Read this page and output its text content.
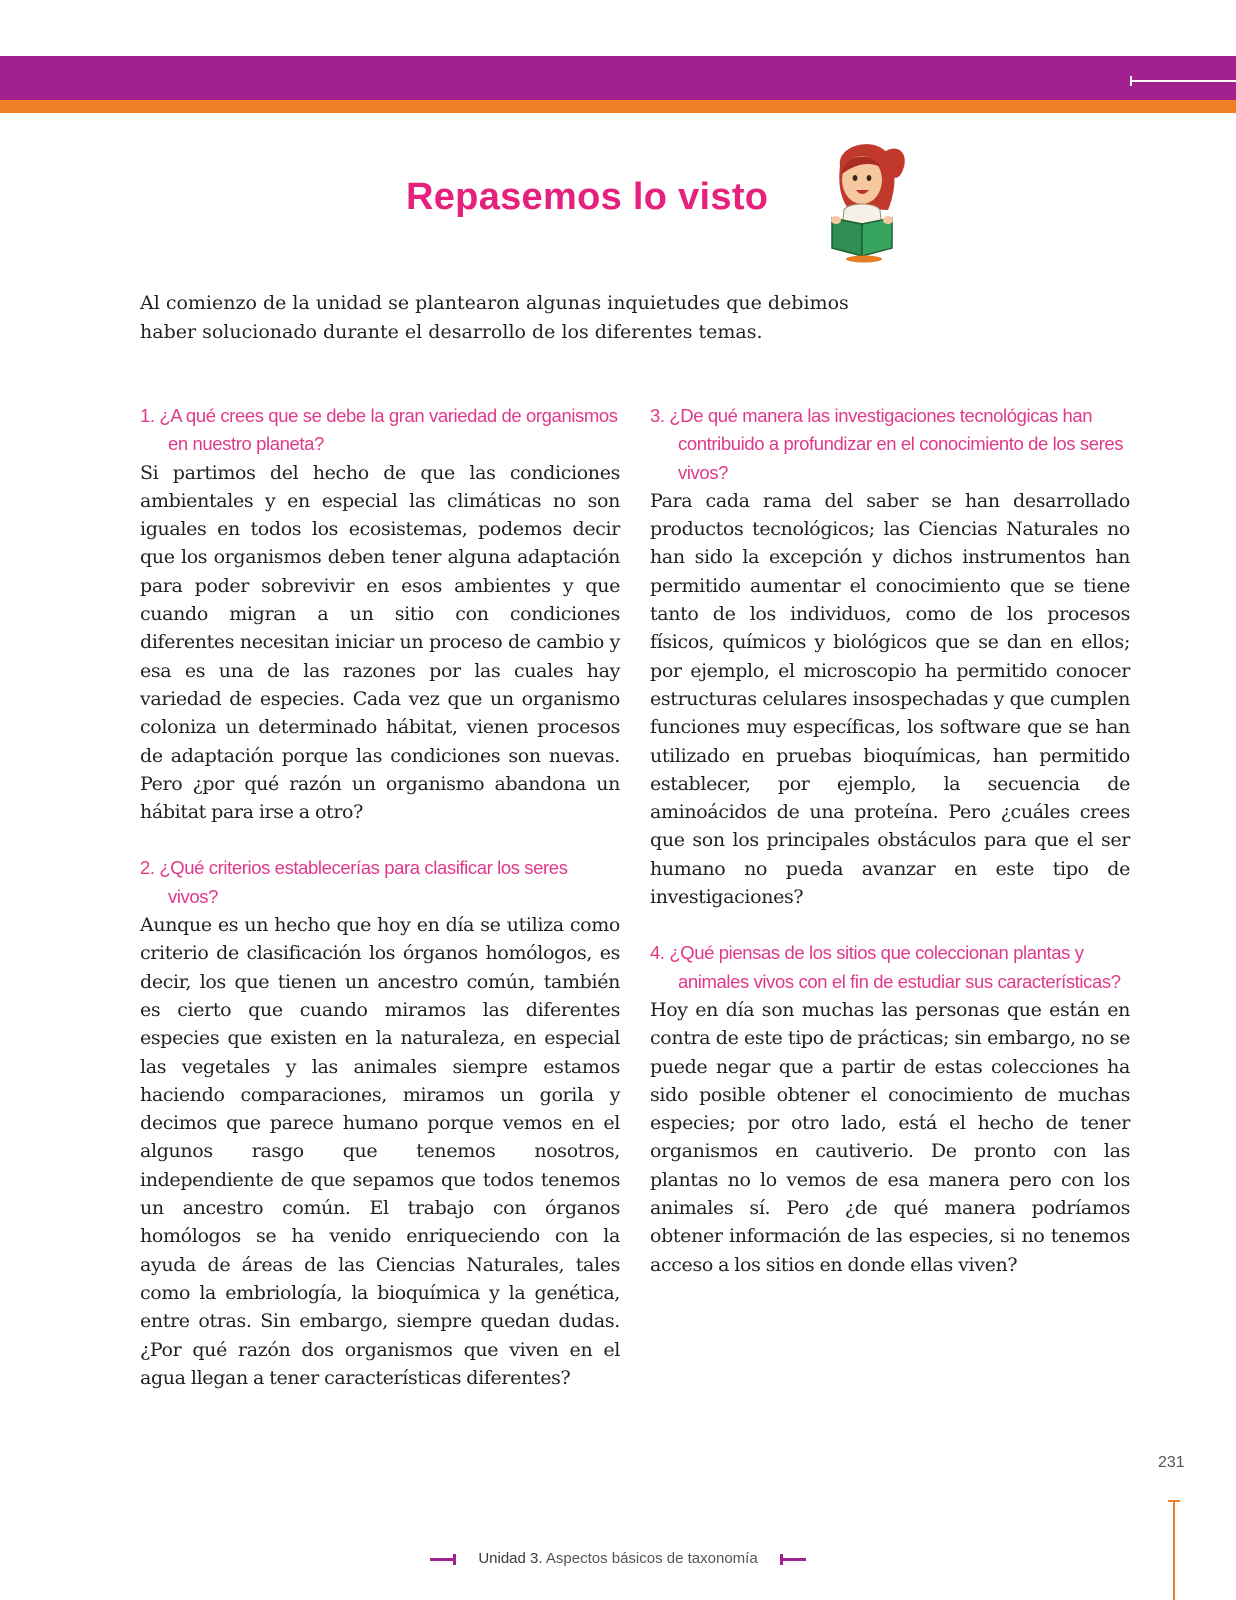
Repasemos lo visto

Al comienzo de la unidad se plantearon algunas inquietudes que debimos haber solucionado durante el desarrollo de los diferentes temas.

1. ¿A qué crees que se debe la gran variedad de organismos en nuestro planeta?

Si partimos del hecho de que las condiciones ambientales y en especial las climáticas no son iguales en todos los ecosistemas, podemos decir que los organismos deben tener alguna adaptación para poder sobrevivir en esos ambientes y que cuando migran a un sitio con condiciones diferentes necesitan iniciar un proceso de cambio y esa es una de las razones por las cuales hay variedad de especies. Cada vez que un organismo coloniza un determinado hábitat, vienen procesos de adaptación porque las condiciones son nuevas. Pero ¿por qué razón un organismo abandona un hábitat para irse a otro?

2. ¿Qué criterios establecerías para clasificar los seres vivos?

Aunque es un hecho que hoy en día se utiliza como criterio de clasificación los órganos homólogos, es decir, los que tienen un ancestro común, también es cierto que cuando miramos las diferentes especies que existen en la naturaleza, en especial las vegetales y las animales siempre estamos haciendo comparaciones, miramos un gorila y decimos que parece humano porque vemos en el algunos rasgo que tenemos nosotros, independiente de que sepamos que todos tenemos un ancestro común. El trabajo con órganos homólogos se ha venido enriqueciendo con la ayuda de áreas de las Ciencias Naturales, tales como la embriología, la bioquímica y la genética, entre otras. Sin embargo, siempre quedan dudas. ¿Por qué razón dos organismos que viven en el agua llegan a tener características diferentes?

3. ¿De qué manera las investigaciones tecnológicas han contribuido a profundizar en el conocimiento de los seres vivos?

Para cada rama del saber se han desarrollado productos tecnológicos; las Ciencias Naturales no han sido la excepción y dichos instrumentos han permitido aumentar el conocimiento que se tiene tanto de los individuos, como de los procesos físicos, químicos y biológicos que se dan en ellos; por ejemplo, el microscopio ha permitido conocer estructuras celulares insospechadas y que cumplen funciones muy específicas, los software que se han utilizado en pruebas bioquímicas, han permitido establecer, por ejemplo, la secuencia de aminoácidos de una proteína. Pero ¿cuáles crees que son los principales obstáculos para que el ser humano no pueda avanzar en este tipo de investigaciones?

4. ¿Qué piensas de los sitios que coleccionan plantas y animales vivos con el fin de estudiar sus características?

Hoy en día son muchas las personas que están en contra de este tipo de prácticas; sin embargo, no se puede negar que a partir de estas colecciones ha sido posible obtener el conocimiento de muchas especies; por otro lado, está el hecho de tener organismos en cautiverio. De pronto con las plantas no lo vemos de esa manera pero con los animales sí. Pero ¿de qué manera podríamos obtener información de las especies, si no tenemos acceso a los sitios en donde ellas viven?

231
Unidad 3. Aspectos básicos de taxonomía
